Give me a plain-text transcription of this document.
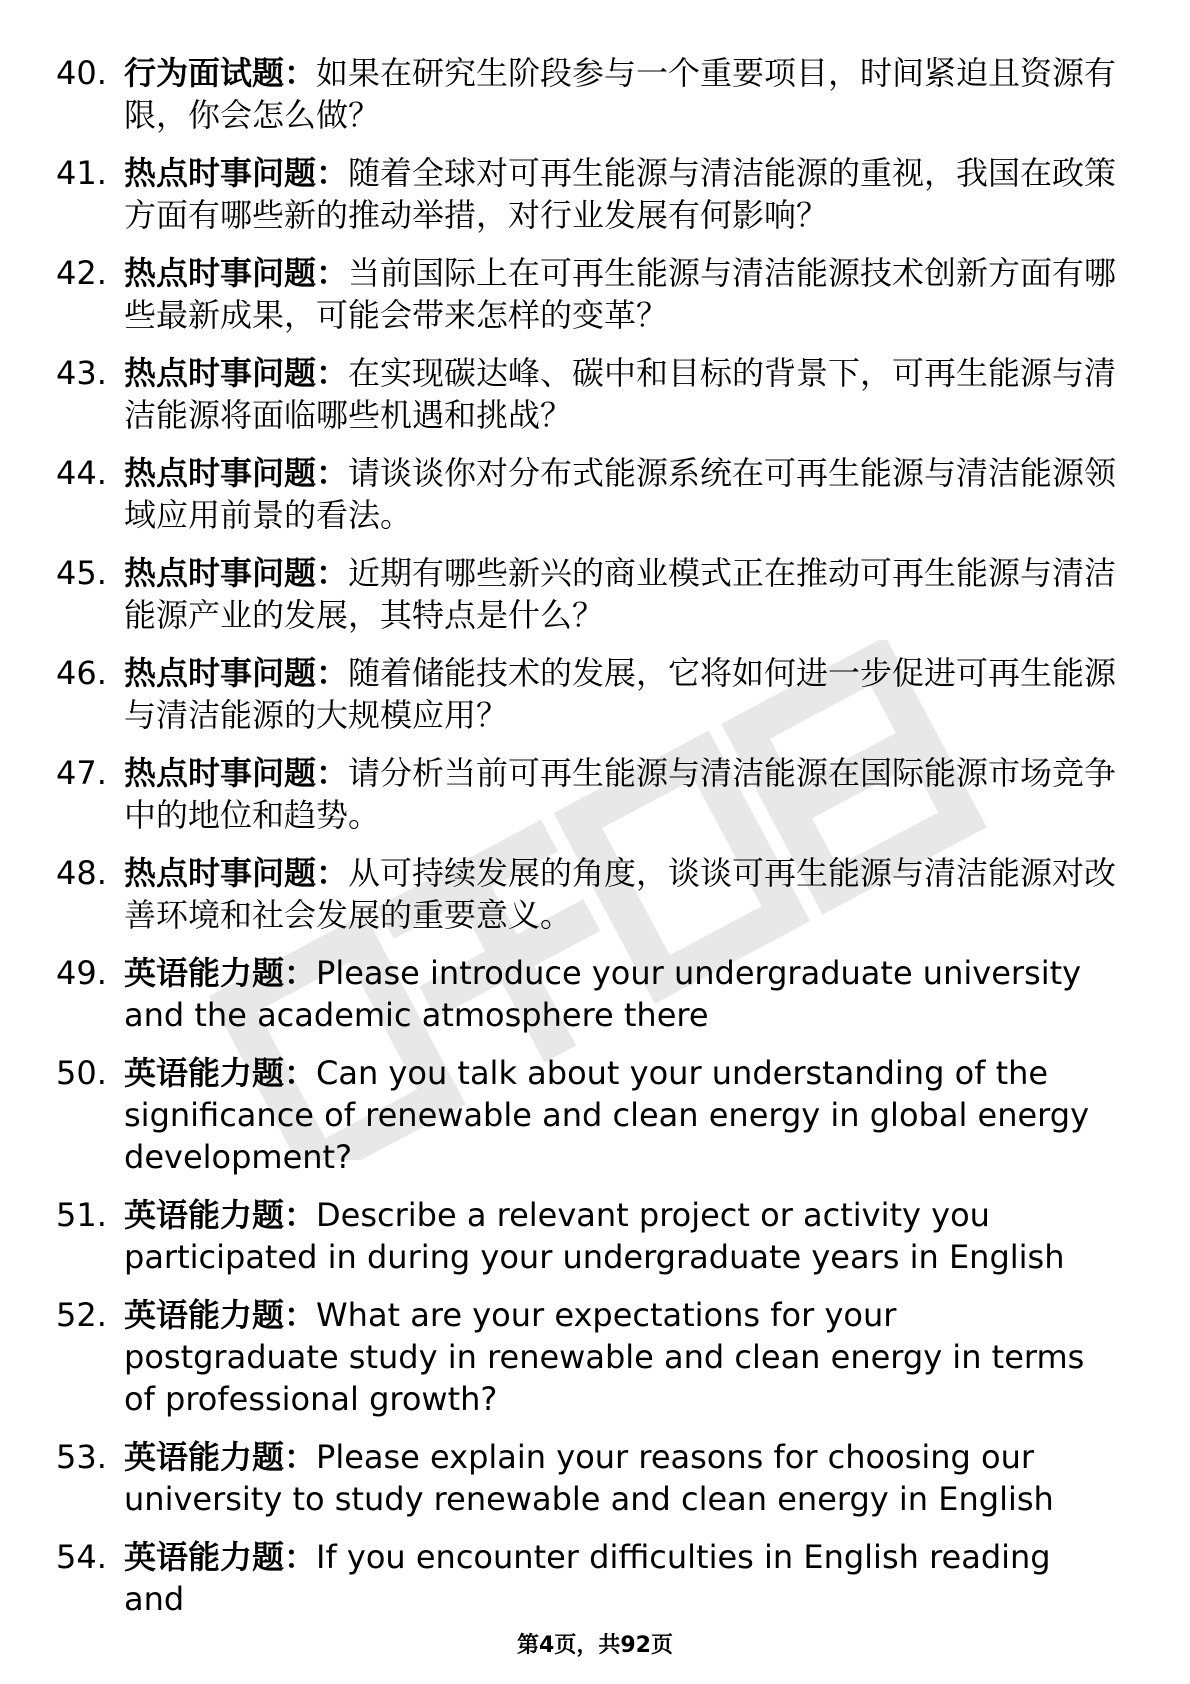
40. 行为面试题：如果在研究生阶段参与一个重要项目，时间紧迫且资源有限，你会怎么做？
41. 热点时事问题：随着全球对可再生能源与清洁能源的重视，我国在政策方面有哪些新的推动举措，对行业发展有何影响？
42. 热点时事问题：当前国际上在可再生能源与清洁能源技术创新方面有哪些最新成果，可能会带来怎样的变革？
43. 热点时事问题：在实现碳达峰、碳中和目标的背景下，可再生能源与清洁能源将面临哪些机遇和挑战？
44. 热点时事问题：请谈谈你对分布式能源系统在可再生能源与清洁能源领域应用前景的看法。
45. 热点时事问题：近期有哪些新兴的商业模式正在推动可再生能源与清洁能源产业的发展，其特点是什么？
46. 热点时事问题：随着储能技术的发展，它将如何进一步促进可再生能源与清洁能源的大规模应用？
47. 热点时事问题：请分析当前可再生能源与清洁能源在国际能源市场竞争中的地位和趋势。
48. 热点时事问题：从可持续发展的角度，谈谈可再生能源与清洁能源对改善环境和社会发展的重要意义。
49. 英语能力题：Please introduce your undergraduate university and the academic atmosphere there
50. 英语能力题：Can you talk about your understanding of the significance of renewable and clean energy in global energy development?
51. 英语能力题：Describe a relevant project or activity you participated in during your undergraduate years in English
52. 英语能力题：What are your expectations for your postgraduate study in renewable and clean energy in terms of professional growth?
53. 英语能力题：Please explain your reasons for choosing our university to study renewable and clean energy in English
54. 英语能力题：If you encounter difficulties in English reading and
第4页，共92页
